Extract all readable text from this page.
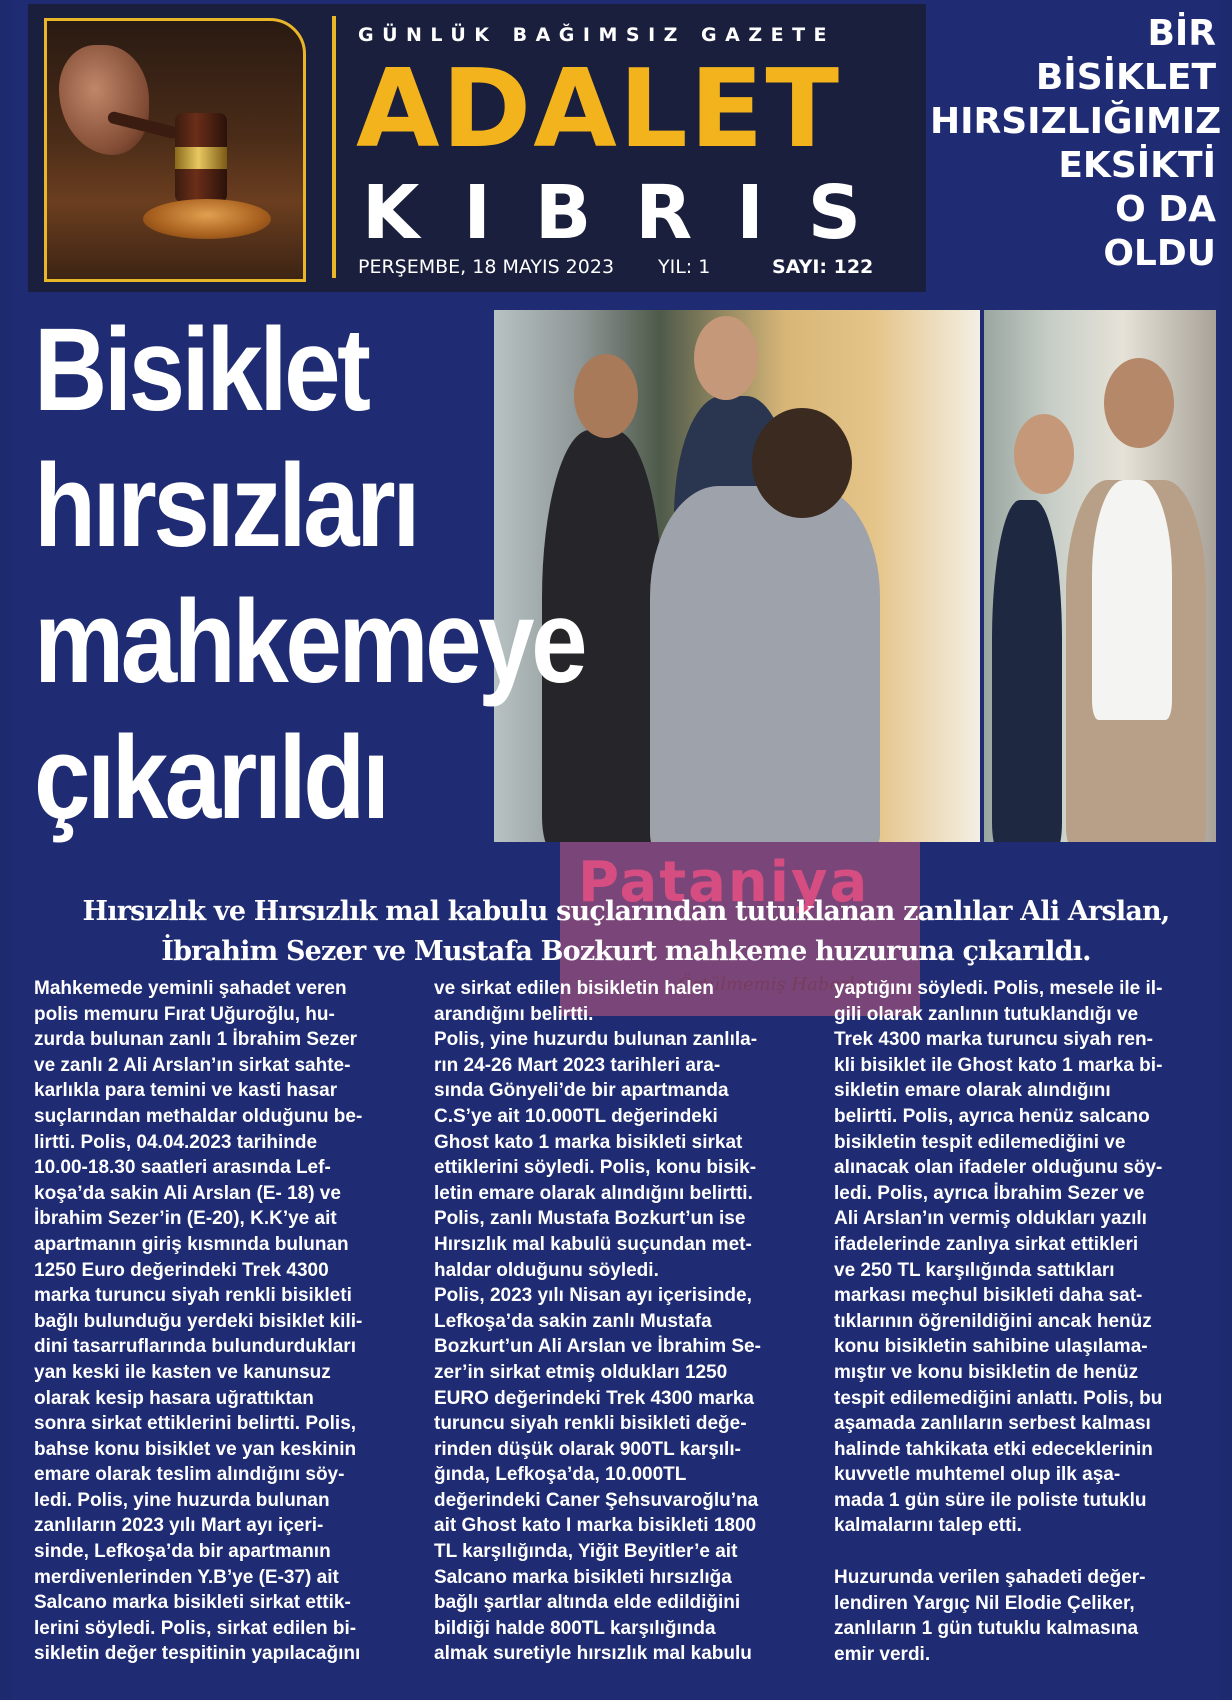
GÜNLÜK BAĞIMSIZ GAZETE
ADALET
KIBRIS
PERŞEMBE, 18 MAYIS 2023 YIL: 1	SAYI: 122
BİR
BİSİKLET
HIRSIZLIĞIMIZ
EKSİKTİ
O DA
OLDU
Bisiklet
hırsızları
mahkemeye
çıkarıldı
Pataniya
Örtülmemiş Haberler
Hırsızlık ve Hırsızlık mal kabulu suçlarından tutuklanan zanlılar Ali Arslan, İbrahim Sezer ve Mustafa Bozkurt mahkeme huzuruna çıkarıldı.

Mahkemede yeminli şahadet veren
polis memuru Fırat Uğuroğlu, hu-
zurda bulunan zanlı 1 İbrahim Sezer
ve zanlı 2 Ali Arslan’ın sirkat sahte-
karlıkla para temini ve kasti hasar
suçlarından methaldar olduğunu be-
lirtti. Polis, 04.04.2023 tarihinde
10.00-18.30 saatleri arasında Lef-
koşa’da sakin Ali Arslan (E- 18) ve
İbrahim Sezer’in (E-20), K.K’ye ait
apartmanın giriş kısmında bulunan
1250 Euro değerindeki Trek 4300
marka turuncu siyah renkli bisikleti
bağlı bulunduğu yerdeki bisiklet kili-
dini tasarruflarında bulundurdukları
yan keski ile kasten ve kanunsuz
olarak kesip hasara uğrattıktan
sonra sirkat ettiklerini belirtti. Polis,
bahse konu bisiklet ve yan keskinin
emare olarak teslim alındığını söy-
ledi. Polis, yine huzurda bulunan
zanlıların 2023 yılı Mart ayı içeri-
sinde, Lefkoşa’da bir apartmanın
merdivenlerinden Y.B’ye (E-37) ait
Salcano marka bisikleti sirkat ettik-
lerini söyledi. Polis, sirkat edilen bi-
sikletin değer tespitinin yapılacağını

ve sirkat edilen bisikletin halen
arandığını belirtti.
Polis, yine huzurdu bulunan zanlıla-
rın 24-26 Mart 2023 tarihleri ara-
sında Gönyeli’de bir apartmanda
C.S’ye ait 10.000TL değerindeki
Ghost kato 1 marka bisikleti sirkat
ettiklerini söyledi. Polis, konu bisik-
letin emare olarak alındığını belirtti.
Polis, zanlı Mustafa Bozkurt’un ise
Hırsızlık mal kabulü suçundan met-
haldar olduğunu söyledi.
Polis, 2023 yılı Nisan ayı içerisinde,
Lefkoşa’da sakin zanlı Mustafa
Bozkurt’un Ali Arslan ve İbrahim Se-
zer’in sirkat etmiş oldukları 1250
EURO değerindeki Trek 4300 marka
turuncu siyah renkli bisikleti değe-
rinden düşük olarak 900TL karşılı-
ğında, Lefkoşa’da, 10.000TL
değerindeki Caner Şehsuvaroğlu’na
ait Ghost kato I marka bisikleti 1800
TL karşılığında, Yiğit Beyitler’e ait
Salcano marka bisikleti hırsızlığa
bağlı şartlar altında elde edildiğini
bildiği halde 800TL karşılığında
almak suretiyle hırsızlık mal kabulu

yaptığını söyledi. Polis, mesele ile il-
gili olarak zanlının tutuklandığı ve
Trek 4300 marka turuncu siyah ren-
kli bisiklet ile Ghost kato 1 marka bi-
sikletin emare olarak alındığını
belirtti. Polis, ayrıca henüz salcano
bisikletin tespit edilemediğini ve
alınacak olan ifadeler olduğunu söy-
ledi. Polis, ayrıca İbrahim Sezer ve
Ali Arslan’ın vermiş oldukları yazılı
ifadelerinde zanlıya sirkat ettikleri
ve 250 TL karşılığında sattıkları
markası meçhul bisikleti daha sat-
tıklarının öğrenildiğini ancak henüz
konu bisikletin sahibine ulaşılama-
mıştır ve konu bisikletin de henüz
tespit edilemediğini anlattı. Polis, bu
aşamada zanlıların serbest kalması
halinde tahkikata etki edeceklerinin
kuvvetle muhtemel olup ilk aşa-
mada 1 gün süre ile poliste tutuklu
kalmalarını talep etti.

Huzurunda verilen şahadeti değer-
lendiren Yargıç Nil Elodie Çeliker,
zanlıların 1 gün tutuklu kalmasına
emir verdi.
